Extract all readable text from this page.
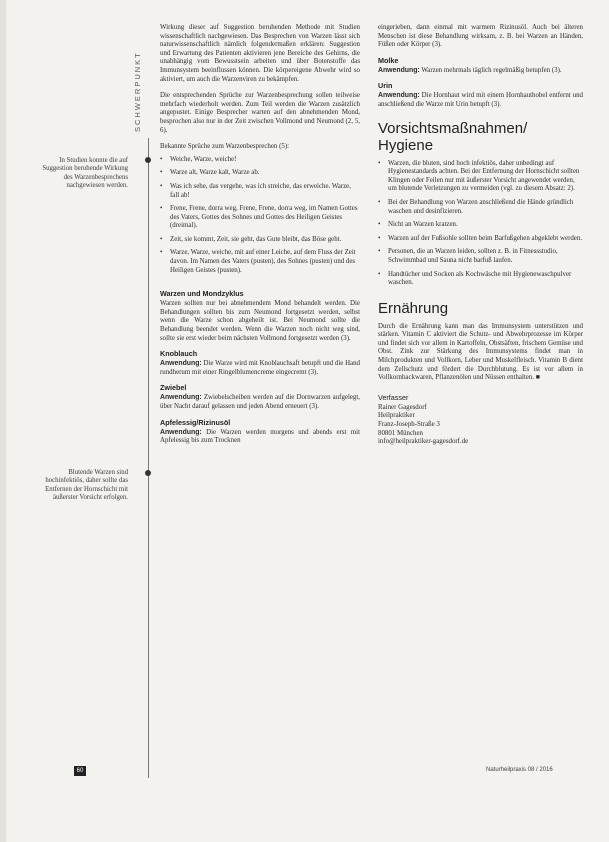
SCHWERPUNKT
In Studien konnte die auf Suggestion beruhende Wirkung des Warzenbesprechens nachgewiesen werden.
Blutende Warzen sind hochinfektiös, daher sollte das Entfernen der Hornschicht mit äußerster Vorsicht erfolgen.

Wirkung dieser auf Suggestion beruhenden Methode mit Studien wissenschaftlich nachgewiesen. Das Besprechen von Warzen lässt sich naturwissenschaftlich nämlich folgendermaßen erklären: Suggestion und Erwartung des Patienten aktivieren jene Bereiche des Gehirns, die unabhängig vom Bewusstsein arbeiten und über Botenstoffe das Immunsystem beeinflussen können. Die körpereigene Abwehr wird so aktiviert, um auch die Warzenviren zu bekämpfen.

Die entsprechenden Sprüche zur Warzenbesprechung sollen teilweise mehrfach wiederholt werden. Zum Teil werden die Warzen zusätzlich angepustet. Einige Besprecher warten auf den abnehmenden Mond, besprochen also nur in der Zeit zwischen Vollmond und Neumond (2, 5, 6).

Bekannte Sprüche zum Warzenbesprechen (5):

• Weiche, Warze, weiche!
• Warze alt, Warze kalt, Warze ab.
• Was ich sehe, das vergehe, was ich streiche, das erweiche. Warze, fall ab!
• Frene, Frene, dorra weg, Frene, Frene, dorra weg, im Namen Gottes des Vaters, Gottes des Sohnes und Gottes des Heiligen Geistes (dreimal).
• Zeit, sie kommt, Zeit, sie geht, das Gute bleibt, das Böse geht.
• Warze, Warze, weiche, mit auf einer Leiche, auf dem Fluss der Zeit davon. Im Namen des Vaters (pusten), des Sohnes (pusten) und des Heiligen Geistes (pusten).
Warzen und Mondzyklus

Warzen sollten nur bei abnehmendem Mond behandelt werden. Die Behandlungen sollten bis zum Neumond fortgesetzt werden, selbst wenn die Warze schon abgeheilt ist. Bei Neumond sollte die Behandlung beendet werden. Wenn die Warzen noch nicht weg sind, sollte sie erst wieder beim nächsten Vollmond fortgesetzt werden (3).

Knoblauch

Anwendung: Die Warze wird mit Knoblauchsaft betupft und die Hand rundherum mit einer Ringelblumencreme eingecremt (3).

Zwiebel

Anwendung: Zwiebelscheiben werden auf die Dornwarzen aufgelegt, über Nacht darauf gelassen und jeden Abend erneuert (3).

Apfelessig/Rizinusöl

Anwendung: Die Warzen werden morgens und abends erst mit Apfelessig bis zum Trocknen

eingerieben, dann einmal mit warmem Rizinusöl. Auch bei älteren Menschen ist diese Behandlung wirksam, z. B. bei Warzen an Händen, Füßen oder Körper (3).

Molke

Anwendung: Warzen mehrmals täglich regelmäßig betupfen (3).

Urin

Anwendung: Die Hornhaut wird mit einem Hornhauthobel entfernt und anschließend die Warze mit Urin betupft (3).

Vorsichtsmaßnahmen/ Hygiene
• Warzen, die bluten, sind hoch infektiös, daher unbedingt auf Hygienestandards achten. Bei der Entfernung der Hornschicht sollten Klingen oder Feilen nur mit äußerster Vorsicht angewendet werden, um blutende Verletzungen zu vermeiden (vgl. zu diesem Absatz: 2).
• Bei der Behandlung von Warzen anschließend die Hände gründlich waschen und desinfizieren.
• Nicht an Warzen kratzen.
• Warzen auf der Fußsohle sollten beim Barfußgehen abgeklebt werden.
• Personen, die an Warzen leiden, sollten z. B. in Fitnessstudio, Schwimmbad und Sauna nicht barfuß laufen.
• Handtücher und Socken als Kochwäsche mit Hygienewaschpulver waschen.
Ernährung

Durch die Ernährung kann man das Immunsystem unterstützen und stärken. Vitamin C aktiviert die Schutz- und Abwehrprozesse im Körper und findet sich vor allem in Kartoffeln, Obstsäften, frischem Gemüse und Obst. Zink zur Stärkung des Immunsystems findet man in Milchprodukten und Vollkorn, Leber und Muskelfleisch. Vitamin B dient dem Zellschutz und fördert die Durchblutung. Es ist vor allem in Vollkornbackwaren, Pflanzenölen und Nüssen enthalten. ■

Verfasser

Rainer Gagesdorf

Heilpraktiker

Franz-Joseph-Straße 3

80801 München

info@heilpraktiker-gagesdorf.de

60	Naturheilpraxis 08 / 2016
